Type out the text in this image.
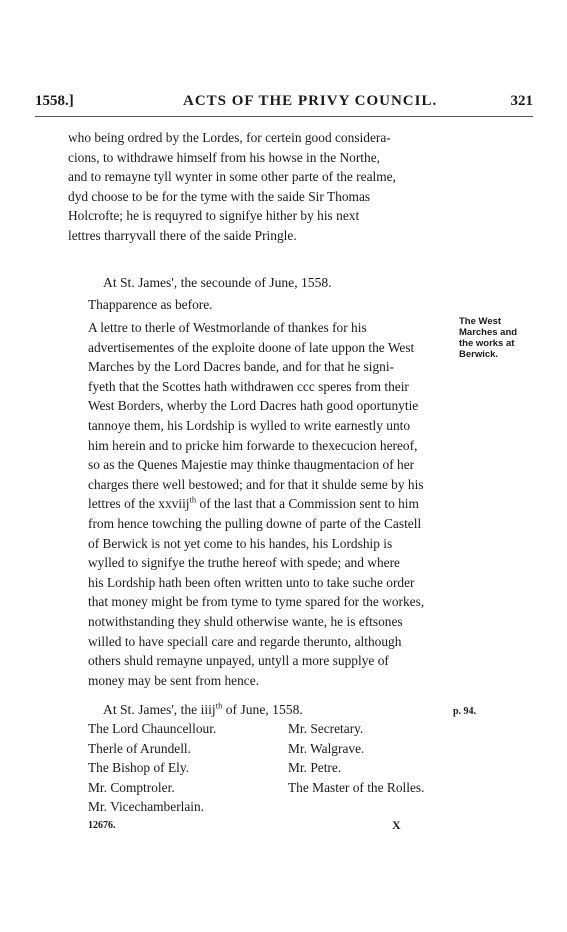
1558.]	ACTS OF THE PRIVY COUNCIL.	321
who being ordred by the Lordes, for certein good considera-
cions, to withdrawe himself from his howse in the Northe,
and to remayne tyll wynter in some other parte of the realme,
dyd choose to be for the tyme with the saide Sir Thomas
Holcrofte; he is requyred to signifye hither by his next
lettres tharryvall there of the saide Pringle.
At St. James', the secounde of June, 1558.
Thapparence as before.
The West
Marches and
the works at
Berwick.
A lettre to therle of Westmorlande of thankes for his
advertisementes of the exploite doone of late uppon the West
Marches by the Lord Dacres bande, and for that he signi-
fyeth that the Scottes hath withdrawen ccc speres from their
West Borders, wherby the Lord Dacres hath good oportunytie
tannoye them, his Lordship is wylled to write earnestly unto
him herein and to pricke him forwarde to thexecucion hereof,
so as the Quenes Majestie may thinke thaugmentacion of her
charges there well bestowed; and for that it shulde seme by his
lettres of the xxviij$^{th}$ of the last that a Commission sent to him
from hence towching the pulling downe of parte of the Castell
of Berwick is not yet come to his handes, his Lordship is
wylled to signifye the truthe hereof with spede; and where
his Lordship hath been often written unto to take suche order
that money might be from tyme to tyme spared for the workes,
notwithstanding they shuld otherwise wante, he is eftsones
willed to have speciall care and regarde therunto, although
others shuld remayne unpayed, untyll a more supplye of
money may be sent from hence.
At St. James', the iiij$^{th}$ of June, 1558.	p. 94.
The Lord Chauncellour.
Therle of Arundell.
The Bishop of Ely.
Mr. Comptroler.
Mr. Vicechamberlain.
Mr. Secretary.
Mr. Walgrave.
Mr. Petre.
The Master of the Rolles.
12676.	X
